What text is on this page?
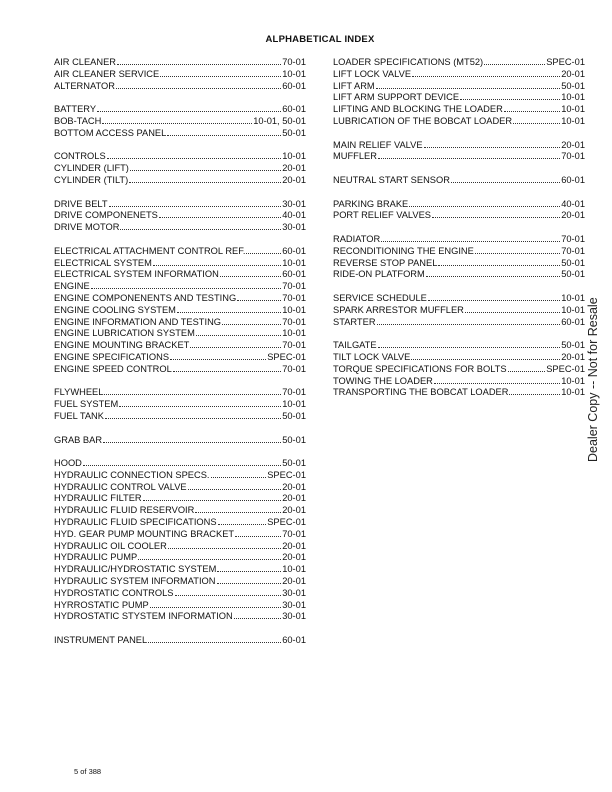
ALPHABETICAL INDEX
AIR CLEANER	70-01
AIR CLEANER SERVICE	10-01
ALTERNATOR	60-01
BATTERY	60-01
BOB-TACH	10-01, 50-01
BOTTOM ACCESS PANEL	50-01
CONTROLS	10-01
CYLINDER (LIFT)	20-01
CYLINDER (TILT)	20-01
DRIVE BELT	30-01
DRIVE COMPONENETS	40-01
DRIVE MOTOR	30-01
ELECTRICAL ATTACHMENT CONTROL REF.	60-01
ELECTRICAL SYSTEM	10-01
ELECTRICAL SYSTEM INFORMATION	60-01
ENGINE	70-01
ENGINE COMPONENENTS AND TESTING	70-01
ENGINE COOLING SYSTEM	10-01
ENGINE INFORMATION AND TESTING	70-01
ENGINE LUBRICATION SYSTEM	10-01
ENGINE MOUNTING BRACKET	70-01
ENGINE SPECIFICATIONS	SPEC-01
ENGINE SPEED CONTROL	70-01
FLYWHEEL	70-01
FUEL SYSTEM	10-01
FUEL TANK	50-01
GRAB BAR	50-01
HOOD	50-01
HYDRAULIC CONNECTION SPECS.	SPEC-01
HYDRAULIC CONTROL VALVE	20-01
HYDRAULIC FILTER	20-01
HYDRAULIC FLUID RESERVOIR	20-01
HYDRAULIC FLUID SPECIFICATIONS	SPEC-01
HYD. GEAR PUMP MOUNTING BRACKET	70-01
HYDRAULIC OIL COOLER	20-01
HYDRAULIC PUMP	20-01
HYDRAULIC/HYDROSTATIC SYSTEM	10-01
HYDRAULIC SYSTEM INFORMATION	20-01
HYDROSTATIC CONTROLS	30-01
HYRROSTATIC PUMP	30-01
HYDROSTATIC STYSTEM INFORMATION	30-01
INSTRUMENT PANEL	60-01
LOADER SPECIFICATIONS (MT52)	SPEC-01
LIFT LOCK VALVE	20-01
LIFT ARM	50-01
LIFT ARM SUPPORT DEVICE	10-01
LIFTING AND BLOCKING THE LOADER	10-01
LUBRICATION OF THE BOBCAT LOADER	10-01
MAIN RELIEF VALVE	20-01
MUFFLER	70-01
NEUTRAL START SENSOR	60-01
PARKING BRAKE	40-01
PORT RELIEF VALVES	20-01
RADIATOR	70-01
RECONDITIONING THE ENGINE	70-01
REVERSE STOP PANEL	50-01
RIDE-ON PLATFORM	50-01
SERVICE SCHEDULE	10-01
SPARK ARRESTOR MUFFLER	10-01
STARTER	60-01
TAILGATE	50-01
TILT LOCK VALVE	20-01
TORQUE SPECIFICATIONS FOR BOLTS	SPEC-01
TOWING THE LOADER	10-01
TRANSPORTING THE BOBCAT LOADER	10-01 Dealer Copy -- Not for Resale
5 of 388
